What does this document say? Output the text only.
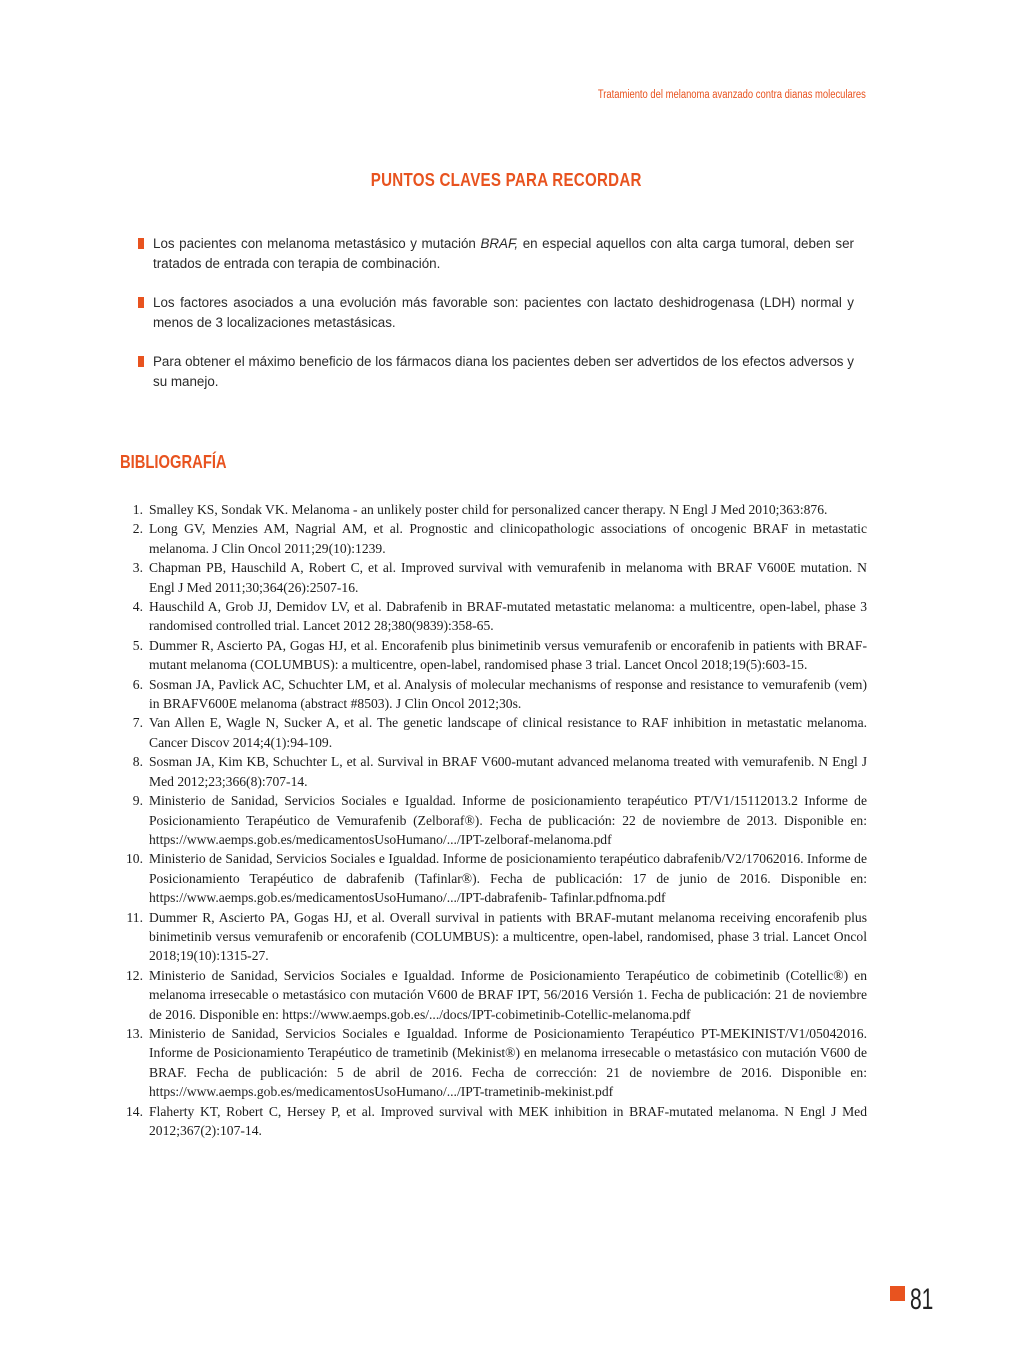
Tratamiento del melanoma avanzado contra dianas moleculares
PUNTOS CLAVES PARA RECORDAR
Los pacientes con melanoma metastásico y mutación BRAF, en especial aquellos con alta carga tumoral, deben ser tratados de entrada con terapia de combinación.
Los factores asociados a una evolución más favorable son: pacientes con lactato deshidrogenasa (LDH) normal y menos de 3 localizaciones metastásicas.
Para obtener el máximo beneficio de los fármacos diana los pacientes deben ser advertidos de los efectos adversos y su manejo.
BIBLIOGRAFÍA
1. Smalley KS, Sondak VK. Melanoma - an unlikely poster child for personalized cancer therapy. N Engl J Med 2010;363:876.
2. Long GV, Menzies AM, Nagrial AM, et al. Prognostic and clinicopathologic associations of oncogenic BRAF in metastatic melanoma. J Clin Oncol 2011;29(10):1239.
3. Chapman PB, Hauschild A, Robert C, et al. Improved survival with vemurafenib in melanoma with BRAF V600E mutation. N Engl J Med 2011;30;364(26):2507-16.
4. Hauschild A, Grob JJ, Demidov LV, et al. Dabrafenib in BRAF-mutated metastatic melanoma: a multicentre, open-label, phase 3 randomised controlled trial. Lancet 2012 28;380(9839):358-65.
5. Dummer R, Ascierto PA, Gogas HJ, et al. Encorafenib plus binimetinib versus vemurafenib or encorafenib in patients with BRAF-mutant melanoma (COLUMBUS): a multicentre, open-label, randomised phase 3 trial. Lancet Oncol 2018;19(5):603-15.
6. Sosman JA, Pavlick AC, Schuchter LM, et al. Analysis of molecular mechanisms of response and resistance to vemurafenib (vem) in BRAFV600E melanoma (abstract #8503). J Clin Oncol 2012;30s.
7. Van Allen E, Wagle N, Sucker A, et al. The genetic landscape of clinical resistance to RAF inhibition in metastatic melanoma. Cancer Discov 2014;4(1):94-109.
8. Sosman JA, Kim KB, Schuchter L, et al. Survival in BRAF V600-mutant advanced melanoma treated with vemurafenib. N Engl J Med 2012;23;366(8):707-14.
9. Ministerio de Sanidad, Servicios Sociales e Igualdad. Informe de posicionamiento terapéutico PT/V1/15112013.2 Informe de Posicionamiento Terapéutico de Vemurafenib (Zelboraf®). Fecha de publicación: 22 de noviembre de 2013. Disponible en: https://www.aemps.gob.es/medicamentosUsoHumano/.../IPT-zelboraf-melanoma.pdf
10. Ministerio de Sanidad, Servicios Sociales e Igualdad. Informe de posicionamiento terapéutico dabrafenib/V2/17062016. Informe de Posicionamiento Terapéutico de dabrafenib (Tafinlar®). Fecha de publicación: 17 de junio de 2016. Disponible en: https://www.aemps.gob.es/medicamentosUsoHumano/.../IPT-dabrafenib- Tafinlar.pdfnoma.pdf
11. Dummer R, Ascierto PA, Gogas HJ, et al. Overall survival in patients with BRAF-mutant melanoma receiving encorafenib plus binimetinib versus vemurafenib or encorafenib (COLUMBUS): a multicentre, open-label, randomised, phase 3 trial. Lancet Oncol 2018;19(10):1315-27.
12. Ministerio de Sanidad, Servicios Sociales e Igualdad. Informe de Posicionamiento Terapéutico de cobimetinib (Cotellic®) en melanoma irresecable o metastásico con mutación V600 de BRAF IPT, 56/2016 Versión 1. Fecha de publicación: 21 de noviembre de 2016. Disponible en: https://www.aemps.gob.es/.../docs/IPT-cobimetinib-Cotellic-melanoma.pdf
13. Ministerio de Sanidad, Servicios Sociales e Igualdad. Informe de Posicionamiento Terapéutico PT-MEKINIST/V1/05042016. Informe de Posicionamiento Terapéutico de trametinib (Mekinist®) en melanoma irresecable o metastásico con mutación V600 de BRAF. Fecha de publicación: 5 de abril de 2016. Fecha de corrección: 21 de noviembre de 2016. Disponible en: https://www.aemps.gob.es/medicamentosUsoHumano/.../IPT-trametinib-mekinist.pdf
14. Flaherty KT, Robert C, Hersey P, et al. Improved survival with MEK inhibition in BRAF-mutated melanoma. N Engl J Med 2012;367(2):107-14.
81
